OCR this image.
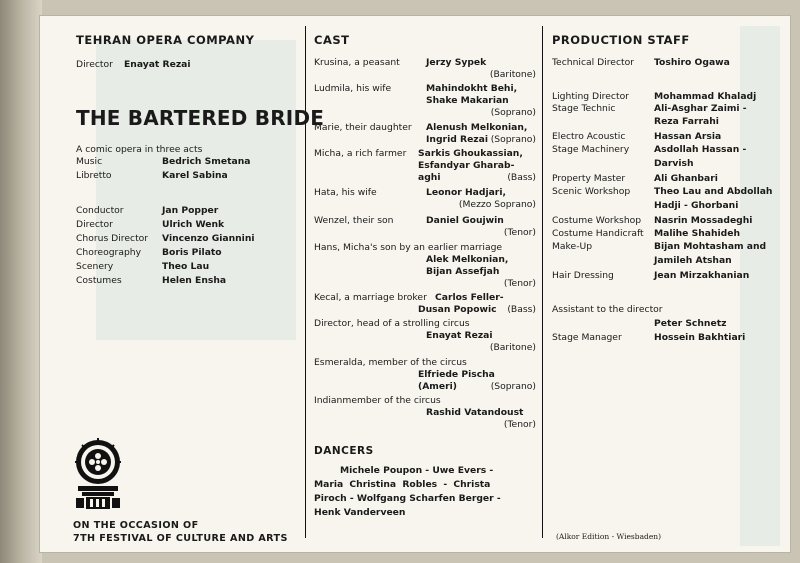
TEHRAN OPERA COMPANY
Director Enayat Rezai
THE BARTERED BRIDE
A comic opera in three acts
Music	Bedrich Smetana
Libretto	Karel Sabina
Conductor	Jan Popper
Director	Ulrich Wenk
Chorus Director Vincenzo Giannini
Choreography Boris Pilato
Scenery	Theo Lau
Costumes	Helen Ensha
ON THE OCCASION OF
7TH FESTIVAL OF CULTURE AND ARTS
CAST
Krusina, a peasant	Jerzy Sypek
(Baritone)
Ludmila, his wife	Mahindokht Behi,
Shake Makarian
(Soprano)
Marie, their daughter Alenush Melkonian,
Ingrid Rezai (Soprano)
Micha, a rich farmer Sarkis Ghoukassian,
Esfandyar Gharab-
aghi	(Bass)
Hata, his wife	Leonor Hadjari,
(Mezzo Soprano)
Wenzel, their son	Daniel Goujwin
(Tenor)
Hans, Micha's son by an earlier marriage
Alek Melkonian,
Bijan Assefjah
(Tenor)
Kecal, a marriage broker Carlos Feller-
Dusan Popowic (Bass)
Director, head of a strolling circus
Enayat Rezai
(Baritone)
Esmeralda, member of the circus
Elfriede Pischa
(Ameri)	(Soprano)
Indianmember of the circus
Rashid Vatandoust
(Tenor)
DANCERS
Michele Poupon - Uwe Evers -
Maria Christina Robles - Christa
Piroch - Wolfgang Scharfen Berger -
Henk Vanderveen
PRODUCTION STAFF
Technical Director Toshiro Ogawa
Lighting Director	Mohammad Khaladj
Stage Technic	Ali-Asghar Zaimi -
Reza Farrahi
Electro Acoustic	Hassan Arsia
Stage Machinery	Asdollah Hassan -
Darvish
Property Master	Ali Ghanbari
Scenic Workshop	Theo Lau and Abdollah
Hadji - Ghorbani
Costume Workshop Nasrin Mossadeghi
Costume Handicraft Malihe Shahideh
Make-Up	Bijan Mohtasham and
Jamileh Atshan
Hair Dressing	Jean Mirzakhanian
Assistant to the director
Peter Schnetz
Stage Manager	Hossein Bakhtiari
(Alkor Edition - Wiesbaden)
